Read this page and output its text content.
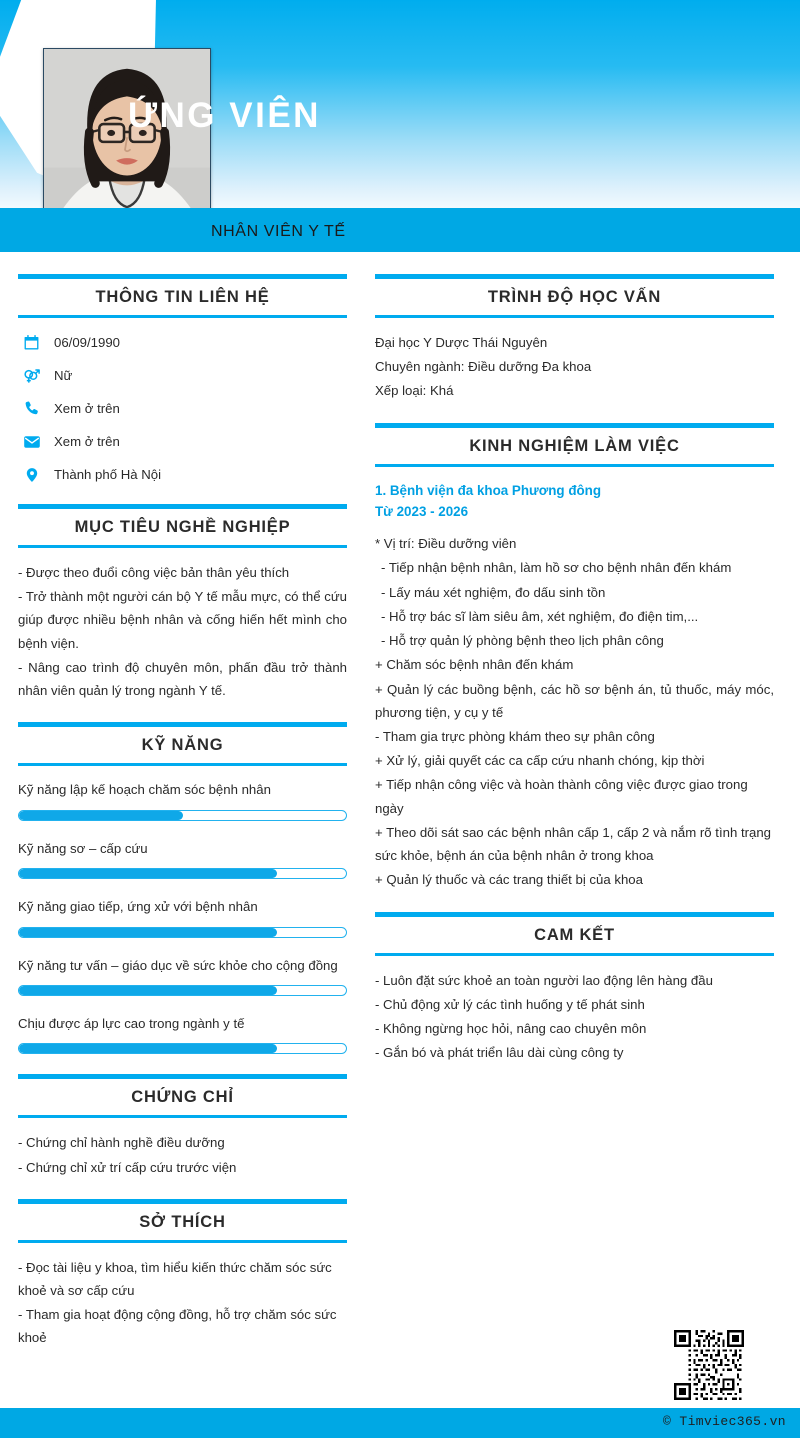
ỨNG VIÊN
NHÂN VIÊN Y TẾ
THÔNG TIN LIÊN HỆ
06/09/1990
Nữ
Xem ở trên
Xem ở trên
Thành phố Hà Nội
MỤC TIÊU NGHỀ NGHIỆP

- Được theo đuổi công việc bản thân yêu thích

- Trở thành một người cán bộ Y tế mẫu mực, có thể cứu giúp được nhiều bệnh nhân và cống hiến hết mình cho bệnh viện.

- Nâng cao trình độ chuyên môn, phấn đầu trở thành nhân viên quản lý trong ngành Y tế.

KỸ NĂNG
Kỹ năng lập kế hoạch chăm sóc bệnh nhân
Kỹ năng sơ – cấp cứu
Kỹ năng giao tiếp, ứng xử với bệnh nhân
Kỹ năng tư vấn – giáo dục về sức khỏe cho cộng đồng
Chịu được áp lực cao trong ngành y tế
CHỨNG CHỈ

- Chứng chỉ hành nghề điều dưỡng

- Chứng chỉ xử trí cấp cứu trước viện

SỞ THÍCH

- Đọc tài liệu y khoa, tìm hiểu kiến thức chăm sóc sức khoẻ và sơ cấp cứu

- Tham gia hoạt động cộng đồng, hỗ trợ chăm sóc sức khoẻ

TRÌNH ĐỘ HỌC VẤN

Đại học Y Dược Thái Nguyên

Chuyên ngành: Điều dưỡng Đa khoa

Xếp loại: Khá

KINH NGHIỆM LÀM VIỆC
1. Bệnh viện đa khoa Phương đông
Từ 2023 - 2026
* Vị trí: Điều dưỡng viên

- Tiếp nhận bệnh nhân, làm hồ sơ cho bệnh nhân đến khám

- Lấy máu xét nghiệm, đo dấu sinh tồn

- Hỗ trợ bác sĩ làm siêu âm, xét nghiệm, đo điện tim,...

- Hỗ trợ quản lý phòng bệnh theo lịch phân công

+ Chăm sóc bệnh nhân đến khám

+ Quản lý các buồng bệnh, các hồ sơ bệnh án, tủ thuốc, máy móc, phương tiện, y cụ y tế

- Tham gia trực phòng khám theo sự phân công

+ Xử lý, giải quyết các ca cấp cứu nhanh chóng, kịp thời

+ Tiếp nhận công việc và hoàn thành công việc được giao trong ngày

+ Theo dõi sát sao các bệnh nhân cấp 1, cấp 2 và nắm rõ tình trạng sức khỏe, bệnh án của bệnh nhân ở trong khoa

+ Quản lý thuốc và các trang thiết bị của khoa

CAM KẾT

- Luôn đặt sức khoẻ an toàn người lao động lên hàng đầu

- Chủ động xử lý các tình huống y tế phát sinh

- Không ngừng học hỏi, nâng cao chuyên môn

- Gắn bó và phát triển lâu dài cùng công ty

© Timviec365.vn
